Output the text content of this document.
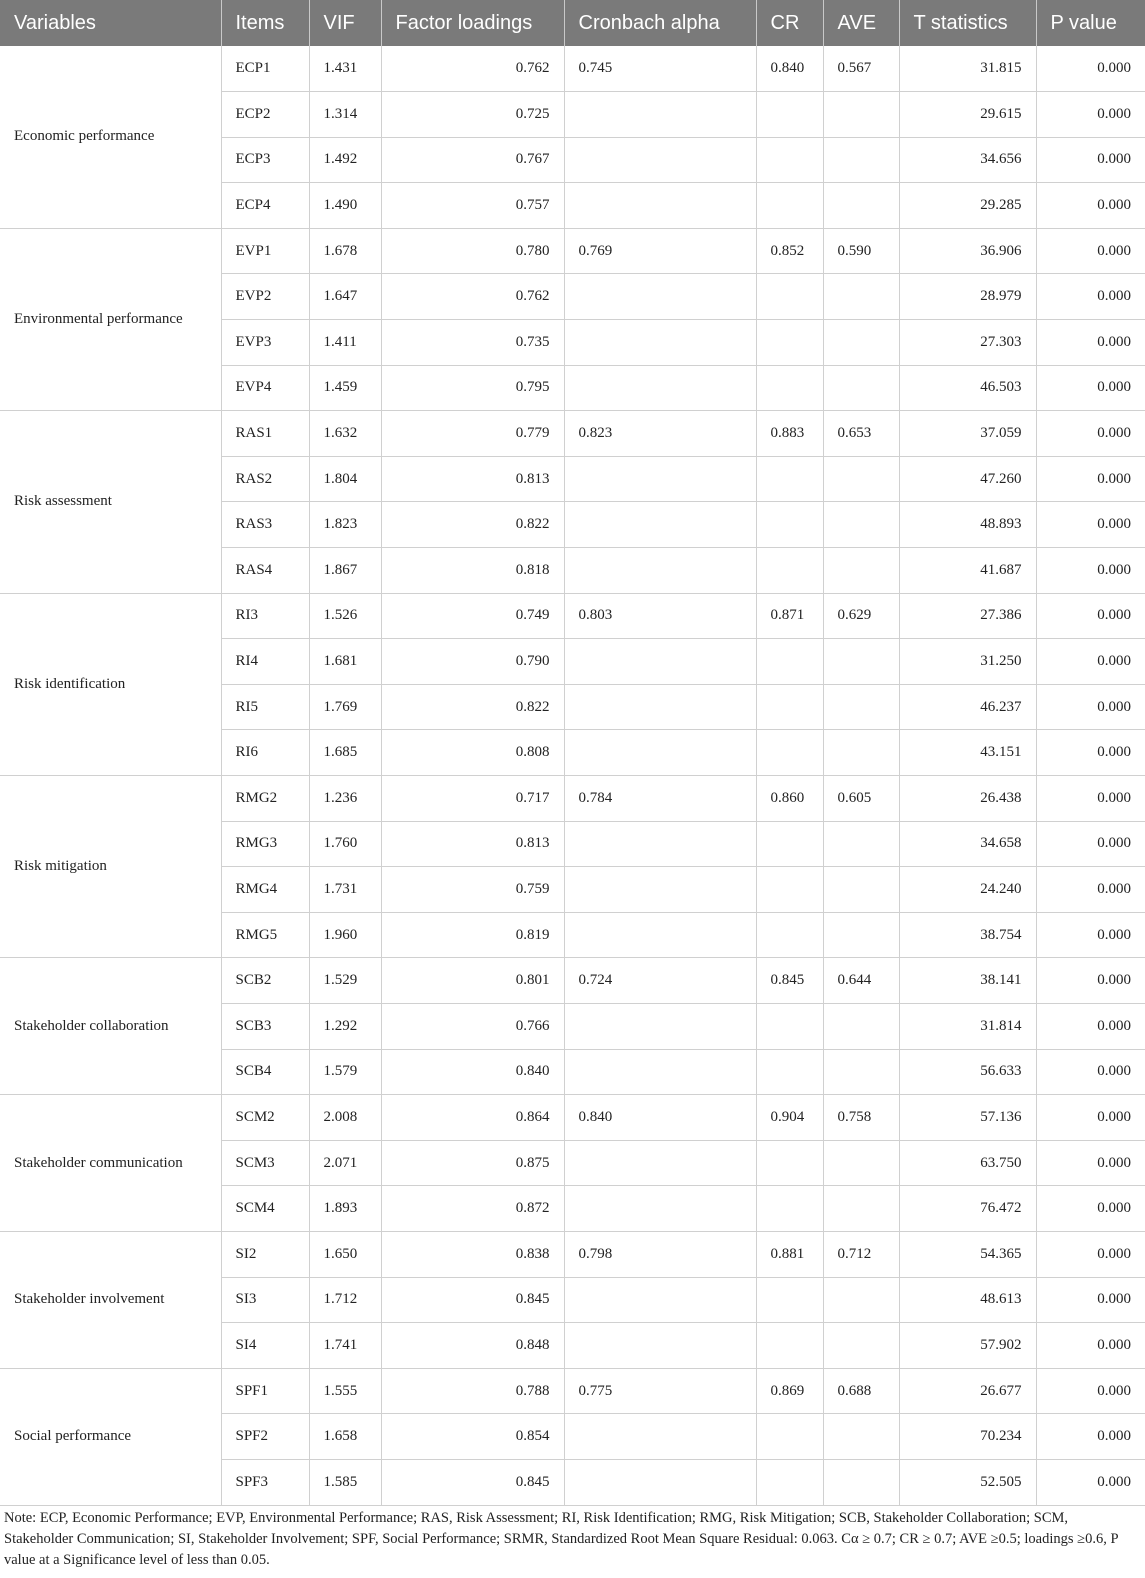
Variables	Items	VIF	Factor loadings	Cronbach alpha	CR	AVE	T statistics	P value
Economic performance	ECP1	1.431	0.762	0.745	0.840	0.567	31.815	0.000
	ECP2	1.314	0.725				29.615	0.000
	ECP3	1.492	0.767				34.656	0.000
	ECP4	1.490	0.757				29.285	0.000
Environmental performance	EVP1	1.678	0.780	0.769	0.852	0.590	36.906	0.000
	EVP2	1.647	0.762				28.979	0.000
	EVP3	1.411	0.735				27.303	0.000
	EVP4	1.459	0.795				46.503	0.000
Risk assessment	RAS1	1.632	0.779	0.823	0.883	0.653	37.059	0.000
	RAS2	1.804	0.813				47.260	0.000
	RAS3	1.823	0.822				48.893	0.000
	RAS4	1.867	0.818				41.687	0.000
Risk identification	RI3	1.526	0.749	0.803	0.871	0.629	27.386	0.000
	RI4	1.681	0.790				31.250	0.000
	RI5	1.769	0.822				46.237	0.000
	RI6	1.685	0.808				43.151	0.000
Risk mitigation	RMG2	1.236	0.717	0.784	0.860	0.605	26.438	0.000
	RMG3	1.760	0.813				34.658	0.000
	RMG4	1.731	0.759				24.240	0.000
	RMG5	1.960	0.819				38.754	0.000
Stakeholder collaboration	SCB2	1.529	0.801	0.724	0.845	0.644	38.141	0.000
	SCB3	1.292	0.766				31.814	0.000
	SCB4	1.579	0.840				56.633	0.000
Stakeholder communication	SCM2	2.008	0.864	0.840	0.904	0.758	57.136	0.000
	SCM3	2.071	0.875				63.750	0.000
	SCM4	1.893	0.872				76.472	0.000
Stakeholder involvement	SI2	1.650	0.838	0.798	0.881	0.712	54.365	0.000
	SI3	1.712	0.845				48.613	0.000
	SI4	1.741	0.848				57.902	0.000
Social performance	SPF1	1.555	0.788	0.775	0.869	0.688	26.677	0.000
	SPF2	1.658	0.854				70.234	0.000
	SPF3	1.585	0.845				52.505	0.000
Note: ECP, Economic Performance; EVP, Environmental Performance; RAS, Risk Assessment; RI, Risk Identification; RMG, Risk Mitigation; SCB, Stakeholder Collaboration; SCM, Stakeholder Communication; SI, Stakeholder Involvement; SPF, Social Performance; SRMR, Standardized Root Mean Square Residual: 0.063. Cα ≥ 0.7; CR ≥ 0.7; AVE ≥0.5; loadings ≥0.6, P value at a Significance level of less than 0.05.
